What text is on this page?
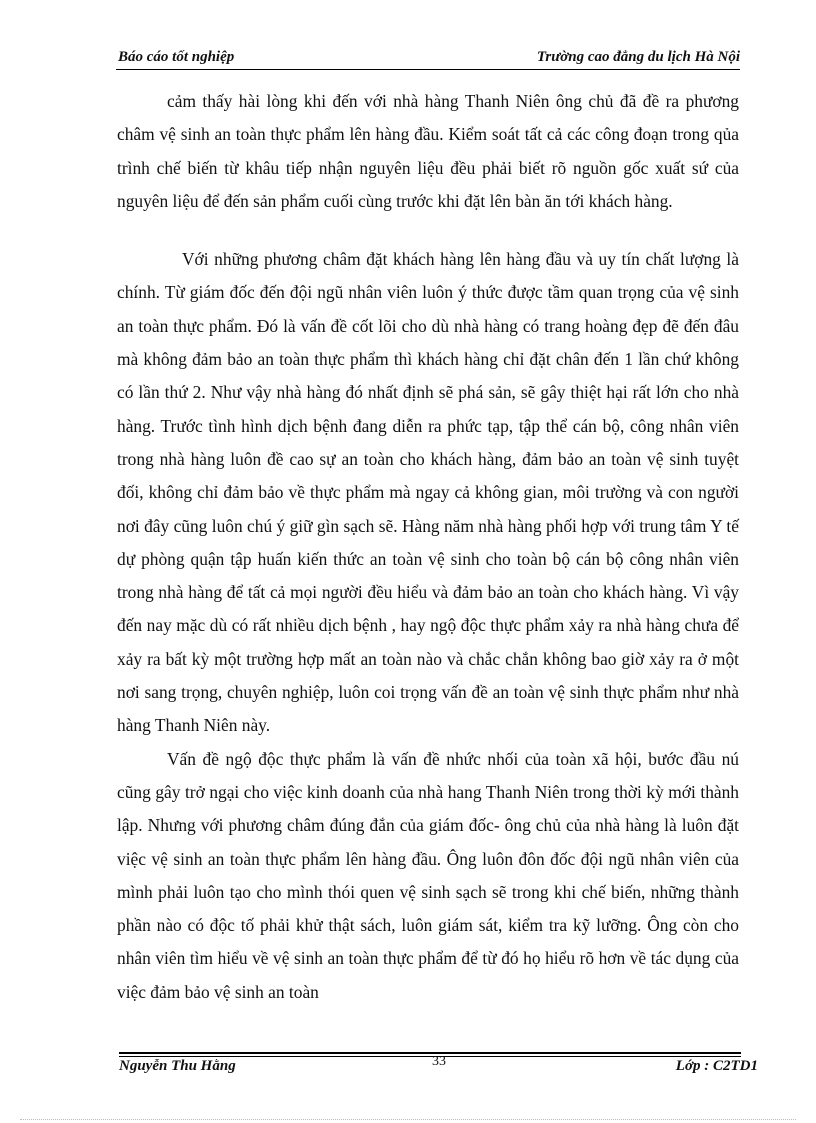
Báo cáo tốt nghiệp	Trường cao đẳng du lịch Hà Nội

cảm thấy hài lòng khi đến với nhà hàng Thanh Niên ông chủ đã đề ra phương châm vệ sinh an toàn thực phẩm lên hàng đầu. Kiểm soát tất cả các công đoạn trong qủa trình chế biến từ khâu tiếp nhận nguyên liệu đều phải biết rõ nguồn gốc xuất sứ của nguyên liệu để đến sản phẩm cuối cùng trước khi đặt lên bàn ăn tới khách hàng.

Với những phương châm đặt khách hàng lên hàng đầu và uy tín chất lượng là chính. Từ giám đốc đến đội ngũ nhân viên luôn ý thức được tầm quan trọng của vệ sinh an toàn thực phẩm. Đó là vấn đề cốt lõi cho dù nhà hàng có trang hoàng đẹp đẽ đến đâu mà không đảm bảo an toàn thực phẩm thì khách hàng chỉ đặt chân đến 1 lần chứ không có lần thứ 2. Như vậy nhà hàng đó nhất định sẽ phá sản, sẽ gây thiệt hại rất lớn cho nhà hàng. Trước tình hình dịch bệnh đang diễn ra phức tạp, tập thể cán bộ, công nhân viên trong nhà hàng luôn đề cao sự an toàn cho khách hàng, đảm bảo an toàn vệ sinh tuyệt đối, không chỉ đảm bảo về thực phẩm mà ngay cả không gian, môi trường và con người nơi đây cũng luôn chú ý giữ gìn sạch sẽ. Hàng năm nhà hàng phối hợp với trung tâm Y tế dự phòng quận tập huấn kiến thức an toàn vệ sinh cho toàn bộ cán bộ công nhân viên trong nhà hàng để tất cả mọi người đều hiểu và đảm bảo an toàn cho khách hàng. Vì vậy đến nay mặc dù có rất nhiều dịch bệnh , hay ngộ độc thực phẩm xảy ra nhà hàng chưa để xảy ra bất kỳ một trường hợp mất an toàn nào và chắc chắn không bao giờ xảy ra ở một nơi sang trọng, chuyên nghiệp, luôn coi trọng vấn đề an toàn vệ sinh thực phẩm như nhà hàng Thanh Niên này.

Vấn đề ngộ độc thực phẩm là vấn đề nhức nhối của toàn xã hội, bước đầu nú cũng gây trở ngại cho việc kinh doanh của nhà hang Thanh Niên trong thời kỳ mới thành lập. Nhưng với phương châm đúng đắn của giám đốc- ông chủ của nhà hàng là luôn đặt việc vệ sinh an toàn thực phẩm lên hàng đầu. Ông luôn đôn đốc đội ngũ nhân viên của mình phải luôn tạo cho mình thói quen vệ sinh sạch sẽ trong khi chế biến, những thành phần nào có độc tố phải khử thật sách, luôn giám sát, kiểm tra kỹ lưỡng. Ông còn cho nhân viên tìm hiểu về vệ sinh an toàn thực phẩm để từ đó họ hiểu rõ hơn về tác dụng của việc đảm bảo vệ sinh an toàn

Nguyễn Thu Hằng	33	Lớp : C2TD1
